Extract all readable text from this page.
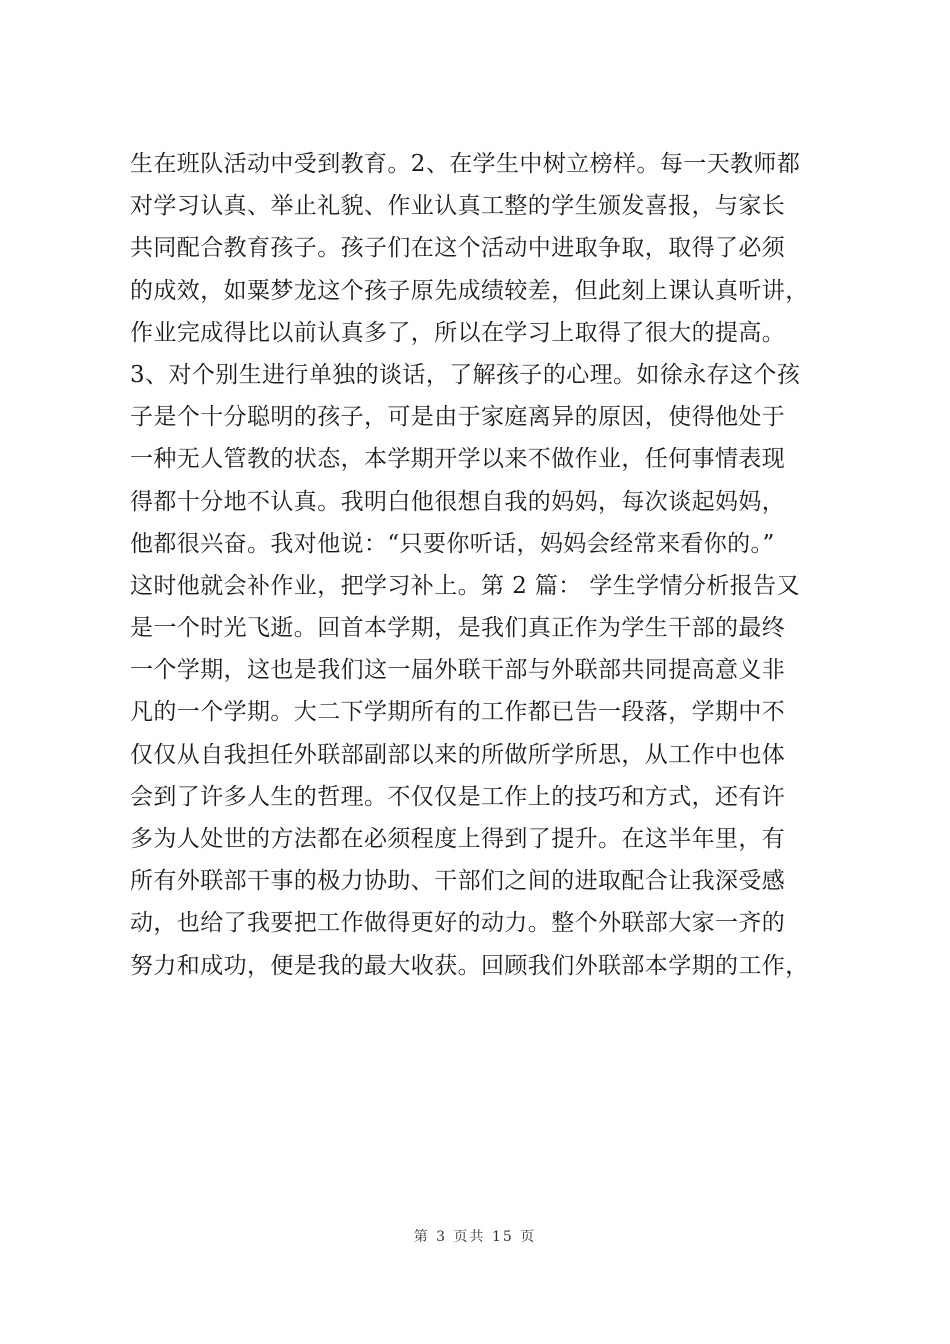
生在班队活动中受到教育。2、在学生中树立榜样。每一天教师都
对学习认真、举止礼貌、作业认真工整的学生颁发喜报，与家长
共同配合教育孩子。孩子们在这个活动中进取争取，取得了必须
的成效，如粟梦龙这个孩子原先成绩较差，但此刻上课认真听讲，
作业完成得比以前认真多了，所以在学习上取得了很大的提高。
3、对个别生进行单独的谈话，了解孩子的心理。如徐永存这个孩
子是个十分聪明的孩子，可是由于家庭离异的原因，使得他处于
一种无人管教的状态，本学期开学以来不做作业，任何事情表现
得都十分地不认真。我明白他很想自我的妈妈，每次谈起妈妈，
他都很兴奋。我对他说：“只要你听话，妈妈会经常来看你的。”
这时他就会补作业，把学习补上。第 2 篇： 学生学情分析报告又
是一个时光飞逝。回首本学期，是我们真正作为学生干部的最终
一个学期，这也是我们这一届外联干部与外联部共同提高意义非
凡的一个学期。大二下学期所有的工作都已告一段落，学期中不
仅仅从自我担任外联部副部以来的所做所学所思，从工作中也体
会到了许多人生的哲理。不仅仅是工作上的技巧和方式，还有许
多为人处世的方法都在必须程度上得到了提升。在这半年里，有
所有外联部干事的极力协助、干部们之间的进取配合让我深受感
动，也给了我要把工作做得更好的动力。整个外联部大家一齐的
努力和成功，便是我的最大收获。回顾我们外联部本学期的工作，
第 3 页共 15 页
